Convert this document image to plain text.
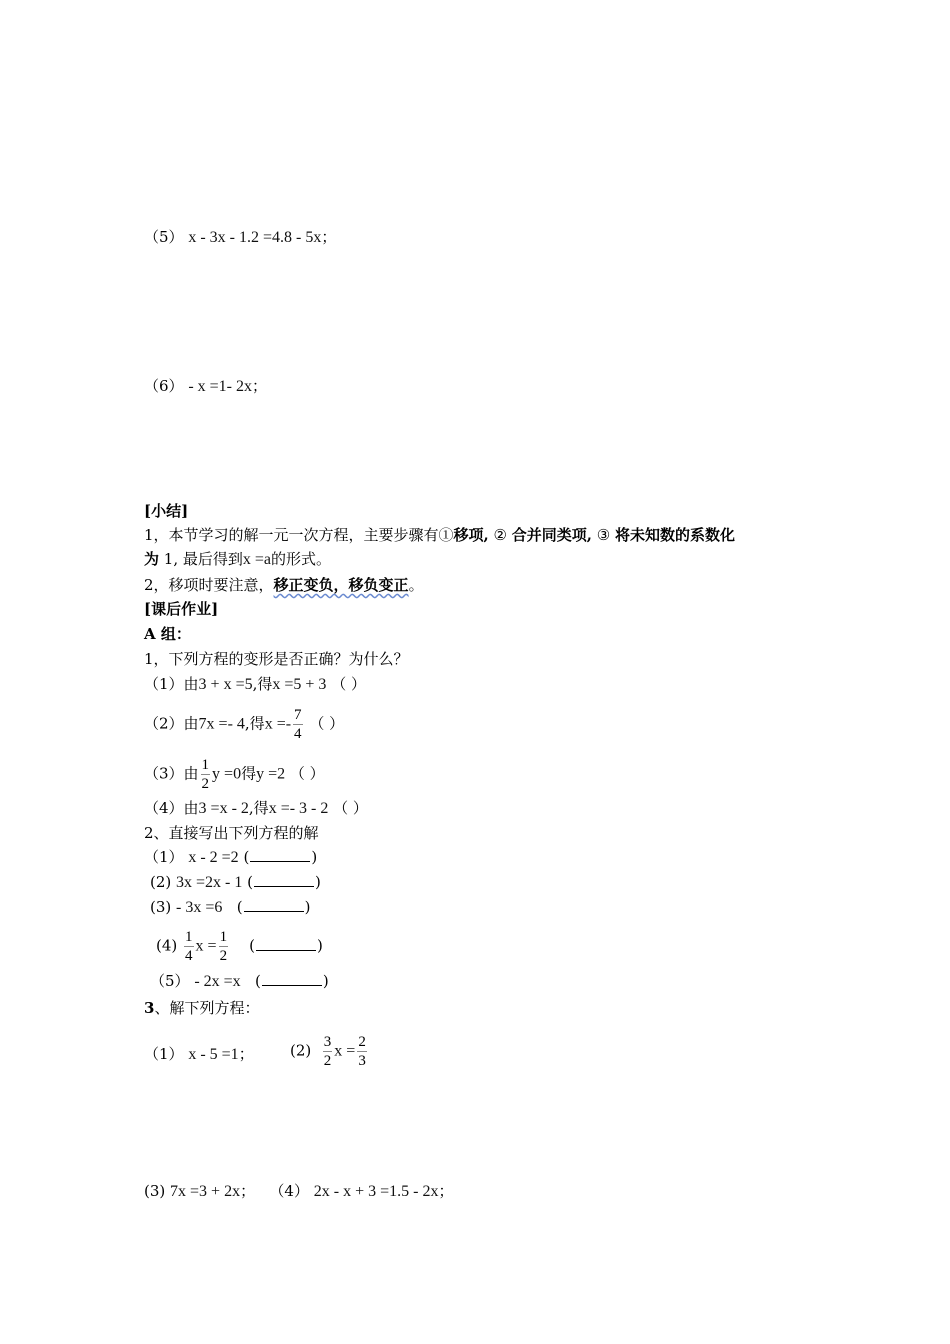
（5） x - 3x - 1.2 =4.8 - 5x；
（6） - x =1- 2x；
[小结]
1，本节学习的解一元一次方程，主要步骤有①移项, ② 合并同类项, ③ 将未知数的系数化
为 1, 最后得到x =a的形式。
2，移项时要注意，移正变负，移负变正。
[课后作业]
A 组：
1，下列方程的变形是否正确？为什么？
（1）由3 + x =5,得x =5 + 3 （ ）
（2）由7x =- 4,得$x =- \frac{7}{4}$ （ ）
（3）由 $\frac{1}{2}$ y =0得y =2 （ ）
（4）由3 =x - 2,得x =- 3 - 2 （ ）
2、直接写出下列方程的解
（1） x - 2 =2 (	)
(2) 3x =2x - 1 (	)
(3) - 3x =6 (	)
$(4) \frac{1}{4}$ $x = \frac{1}{2}$ (	)
（5） - 2x =x (	)
3、解下列方程：
（1） x - 5 =1； $(2) \frac{3}{2}$ $x = \frac{2}{3}$
(3) 7x =3 + 2x； （4） 2x - x + 3 =1.5 - 2x；
